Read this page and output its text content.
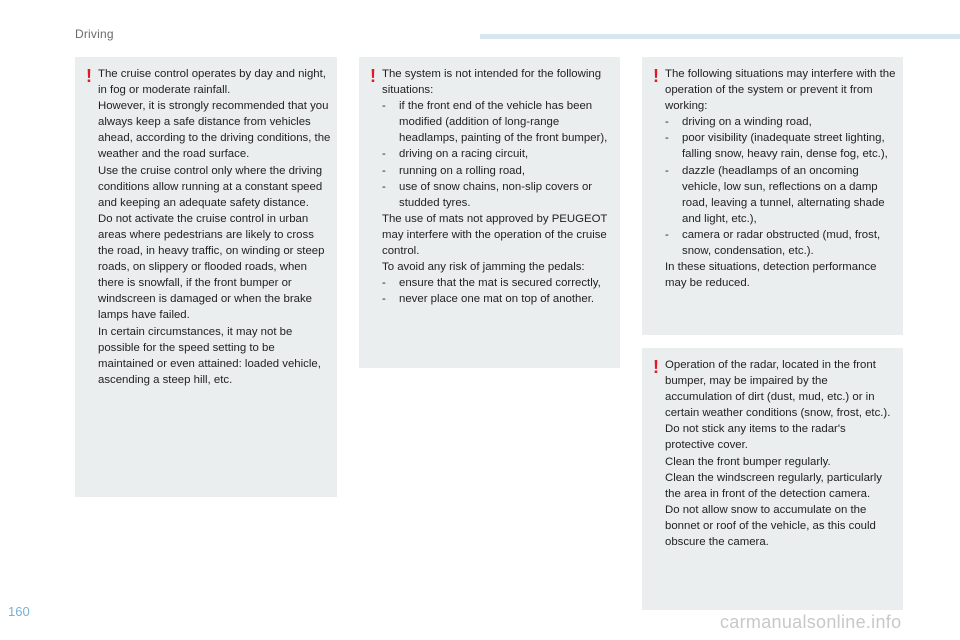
Driving
! The cruise control operates by day and night, in fog or moderate rainfall.

However, it is strongly recommended that you always keep a safe distance from vehicles ahead, according to the driving conditions, the weather and the road surface.

Use the cruise control only where the driving conditions allow running at a constant speed and keeping an adequate safety distance.

Do not activate the cruise control in urban areas where pedestrians are likely to cross the road, in heavy traffic, on winding or steep roads, on slippery or flooded roads, when there is snowfall, if the front bumper or windscreen is damaged or when the brake lamps have failed.

In certain circumstances, it may not be possible for the speed setting to be maintained or even attained: loaded vehicle, ascending a steep hill, etc.

! The system is not intended for the following situations:

- if the front end of the vehicle has been modified (addition of long-range headlamps, painting of the front bumper),
- driving on a racing circuit,
- running on a rolling road,
- use of snow chains, non-slip covers or studded tyres.

The use of mats not approved by PEUGEOT may interfere with the operation of the cruise control.

To avoid any risk of jamming the pedals:

- ensure that the mat is secured correctly,
- never place one mat on top of another.
! The following situations may interfere with the operation of the system or prevent it from working:

- driving on a winding road,
- poor visibility (inadequate street lighting, falling snow, heavy rain, dense fog, etc.),
- dazzle (headlamps of an oncoming vehicle, low sun, reflections on a damp road, leaving a tunnel, alternating shade and light, etc.),
- camera or radar obstructed (mud, frost, snow, condensation, etc.).

In these situations, detection performance may be reduced.

! Operation of the radar, located in the front bumper, may be impaired by the accumulation of dirt (dust, mud, etc.) or in certain weather conditions (snow, frost, etc.).

Do not stick any items to the radar's protective cover.

Clean the front bumper regularly.

Clean the windscreen regularly, particularly the area in front of the detection camera.

Do not allow snow to accumulate on the bonnet or roof of the vehicle, as this could obscure the camera.

160
carmanualsonline.info
